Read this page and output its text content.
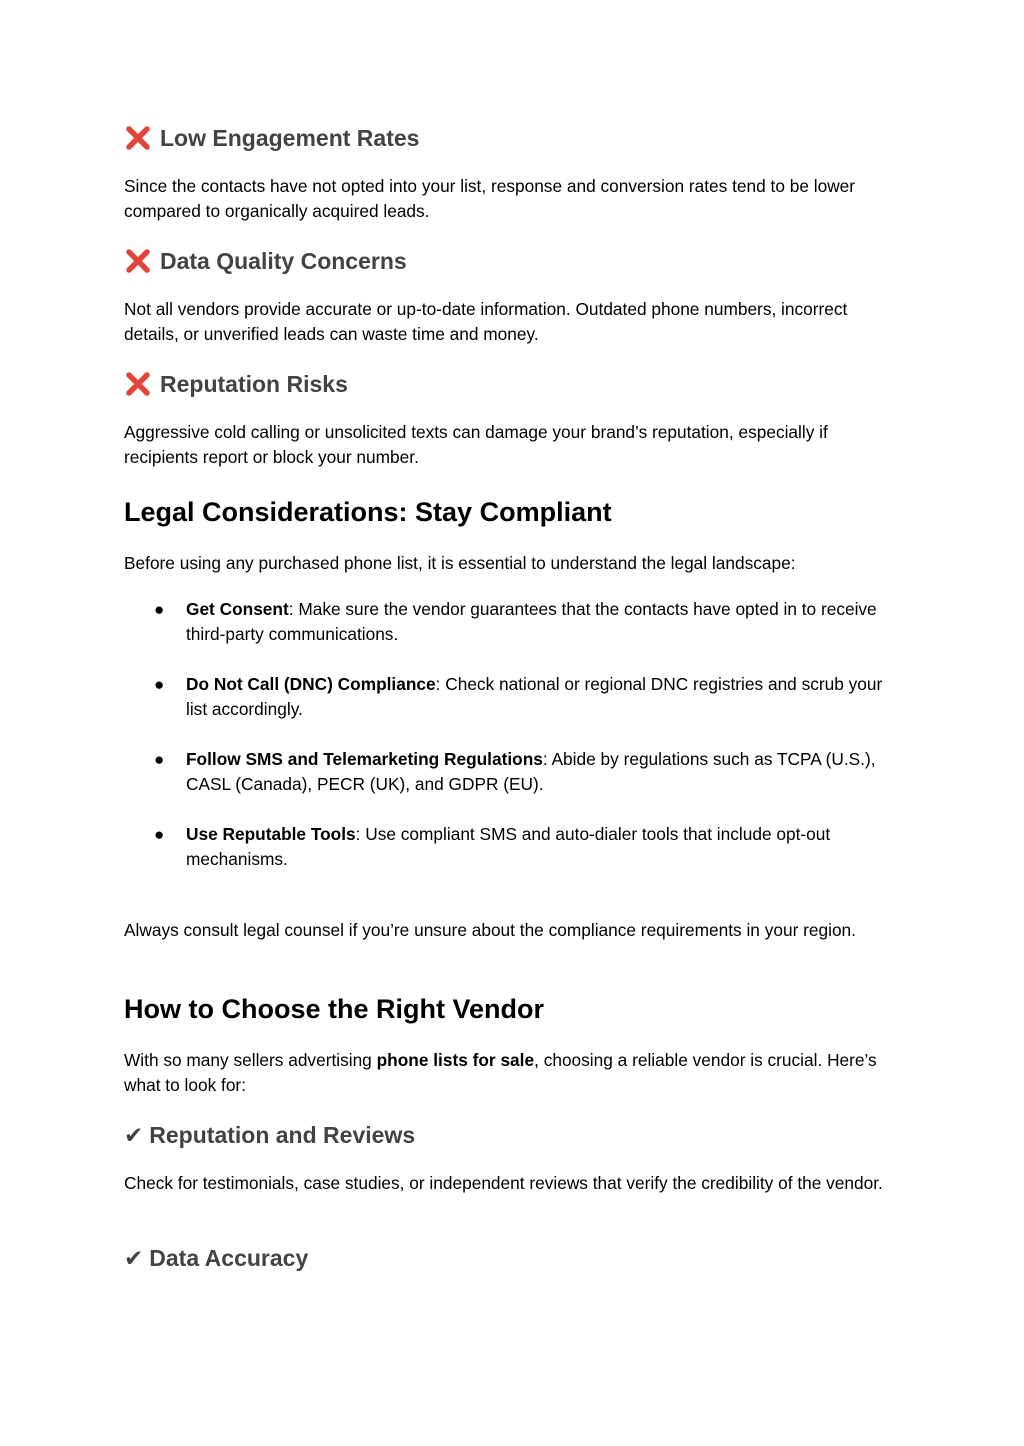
Low Engagement Rates

Since the contacts have not opted into your list, response and conversion rates tend to be lower compared to organically acquired leads.

Data Quality Concerns

Not all vendors provide accurate or up-to-date information. Outdated phone numbers, incorrect details, or unverified leads can waste time and money.

Reputation Risks

Aggressive cold calling or unsolicited texts can damage your brand’s reputation, especially if recipients report or block your number.

Legal Considerations: Stay Compliant

Before using any purchased phone list, it is essential to understand the legal landscape:

● Get Consent: Make sure the vendor guarantees that the contacts have opted in to receive third-party communications.
● Do Not Call (DNC) Compliance: Check national or regional DNC registries and scrub your list accordingly.
● Follow SMS and Telemarketing Regulations: Abide by regulations such as TCPA (U.S.), CASL (Canada), PECR (UK), and GDPR (EU).
● Use Reputable Tools: Use compliant SMS and auto-dialer tools that include opt-out mechanisms.

Always consult legal counsel if you’re unsure about the compliance requirements in your region.

How to Choose the Right Vendor

With so many sellers advertising phone lists for sale, choosing a reliable vendor is crucial. Here’s what to look for:

✔ Reputation and Reviews

Check for testimonials, case studies, or independent reviews that verify the credibility of the vendor.

✔ Data Accuracy
